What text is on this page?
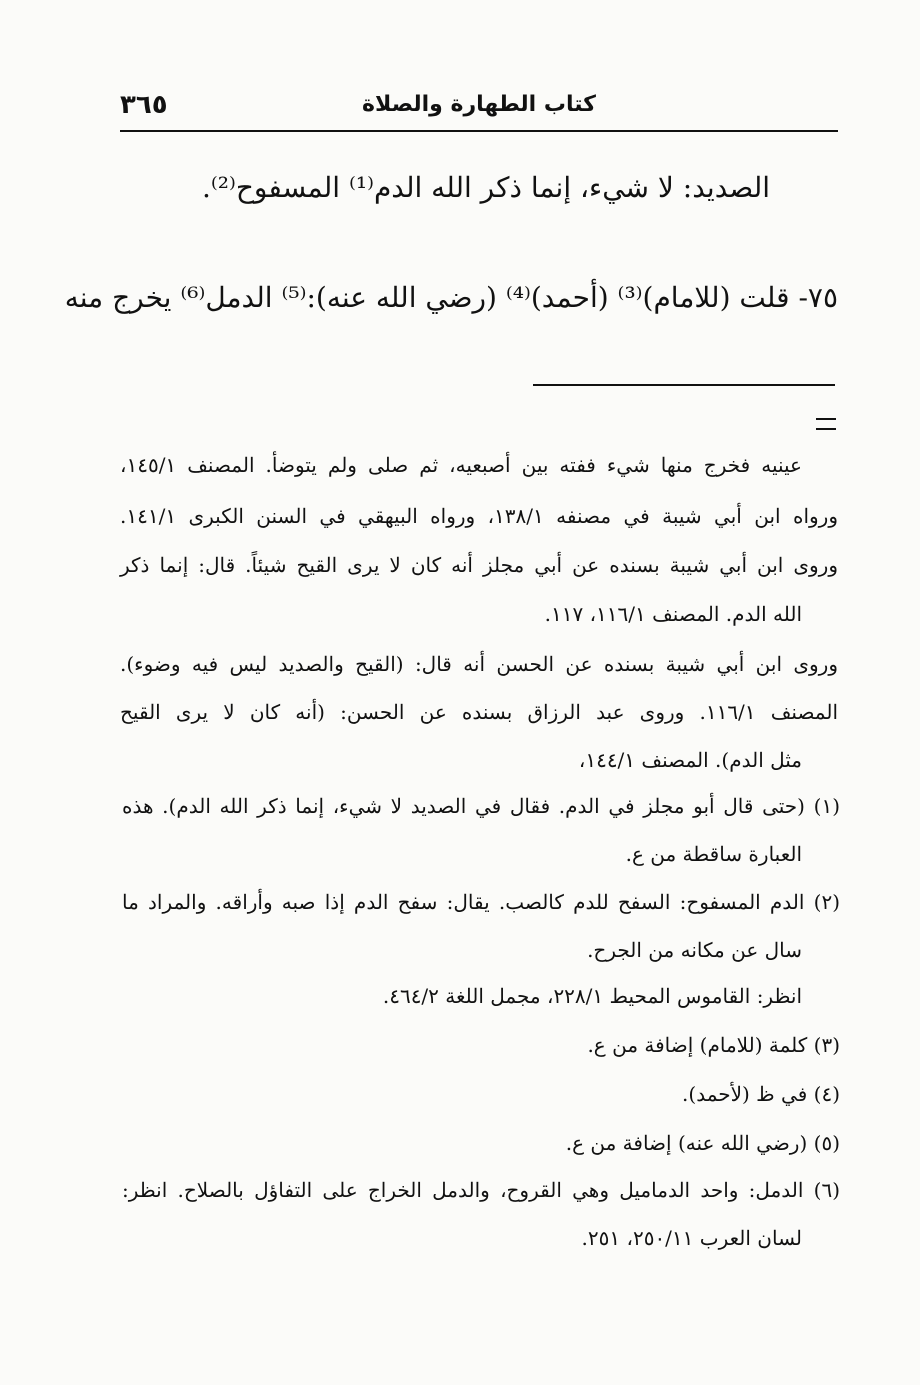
٣٦٥	كتاب الطهارة والصلاة
الصديد: لا شيء، إنما ذكر الله الدم⁽¹⁾ المسفوح⁽²⁾.
٧٥- قلت (للامام)⁽³⁾ (أحمد)⁽⁴⁾ (رضي الله عنه):⁽⁵⁾ الدمل⁽⁶⁾ يخرج منه
عينيه فخرج منها شيء ففته بين أصبعيه، ثم صلى ولم يتوضأ. المصنف ١٤٥/١،
ورواه ابن أبي شيبة في مصنفه ١٣٨/١، ورواه البيهقي في السنن الكبرى ١٤١/١.
وروى ابن أبي شيبة بسنده عن أبي مجلز أنه كان لا يرى القيح شيئاً. قال: إنما ذكر
الله الدم. المصنف ١١٦/١، ١١٧.
وروى ابن أبي شيبة بسنده عن الحسن أنه قال: (القيح والصديد ليس فيه وضوء).
المصنف ١١٦/١. وروى عبد الرزاق بسنده عن الحسن: (أنه كان لا يرى القيح
مثل الدم). المصنف ١٤٤/١،
(١) (حتى قال أبو مجلز في الدم. فقال في الصديد لا شيء، إنما ذكر الله الدم). هذه
العبارة ساقطة من ع.
(٢) الدم المسفوح: السفح للدم كالصب. يقال: سفح الدم إذا صبه وأراقه. والمراد ما
سال عن مكانه من الجرح.
انظر: القاموس المحيط ٢٢٨/١، مجمل اللغة ٤٦٤/٢.
(٣) كلمة (للامام) إضافة من ع.
(٤) في ظ (لأحمد).
(٥) (رضي الله عنه) إضافة من ع.
(٦) الدمل: واحد الدماميل وهي القروح، والدمل الخراج على التفاؤل بالصلاح. انظر:
لسان العرب ٢٥٠/١١، ٢٥١.
